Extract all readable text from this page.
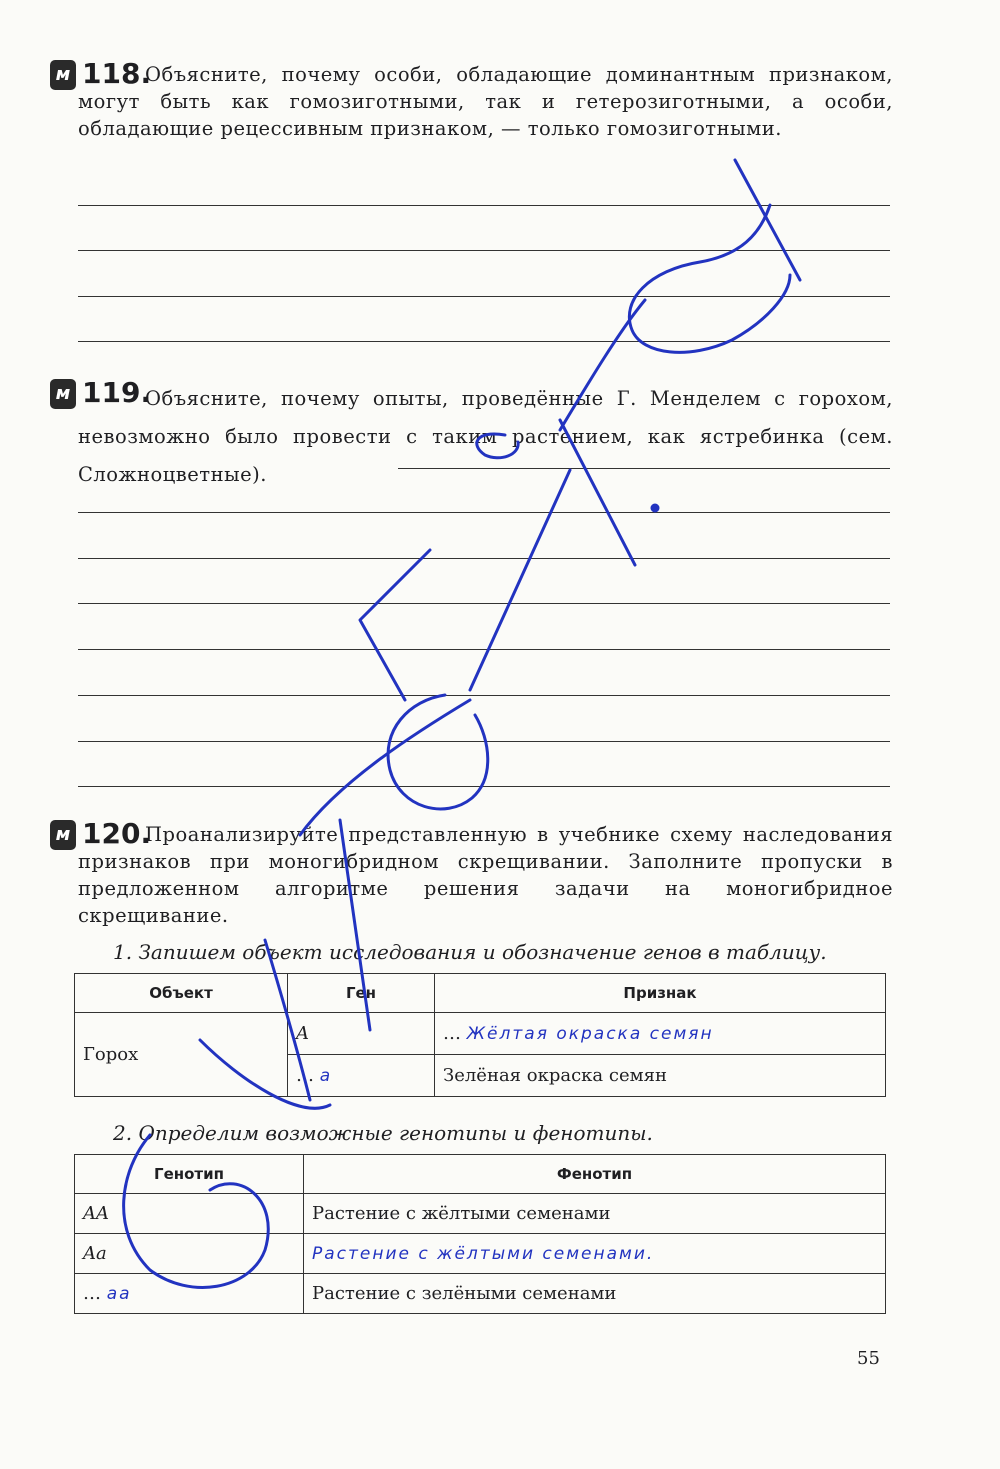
м 118.
Объясните, почему особи, обладающие доминантным признаком, могут быть как гомозиготными, так и гетерозиготными, а особи, обладающие рецессивным признаком, — только гомозиготными.
м 119.
Объясните, почему опыты, проведённые Г. Менделем с горохом, невозможно было провести с таким растением, как ястребинка (сем. Сложноцветные).
м 120.
Проанализируйте представленную в учебнике схему наследования признаков при моногибридном скрещивании. Заполните пропуски в предложенном алгоритме решения задачи на моногибридное скрещивание.
1. Запишем объект исследования и обозначение генов в таблицу.
Объект	Ген	Признак
Горох	A	… Жёлтая окраска семян
	… a	Зелёная окраска семян
2. Определим возможные генотипы и фенотипы.
Генотип	Фенотип
AA	Растение с жёлтыми семенами
Aa	Растение с жёлтыми семенами.
… aa	Растение с зелёными семенами
55
